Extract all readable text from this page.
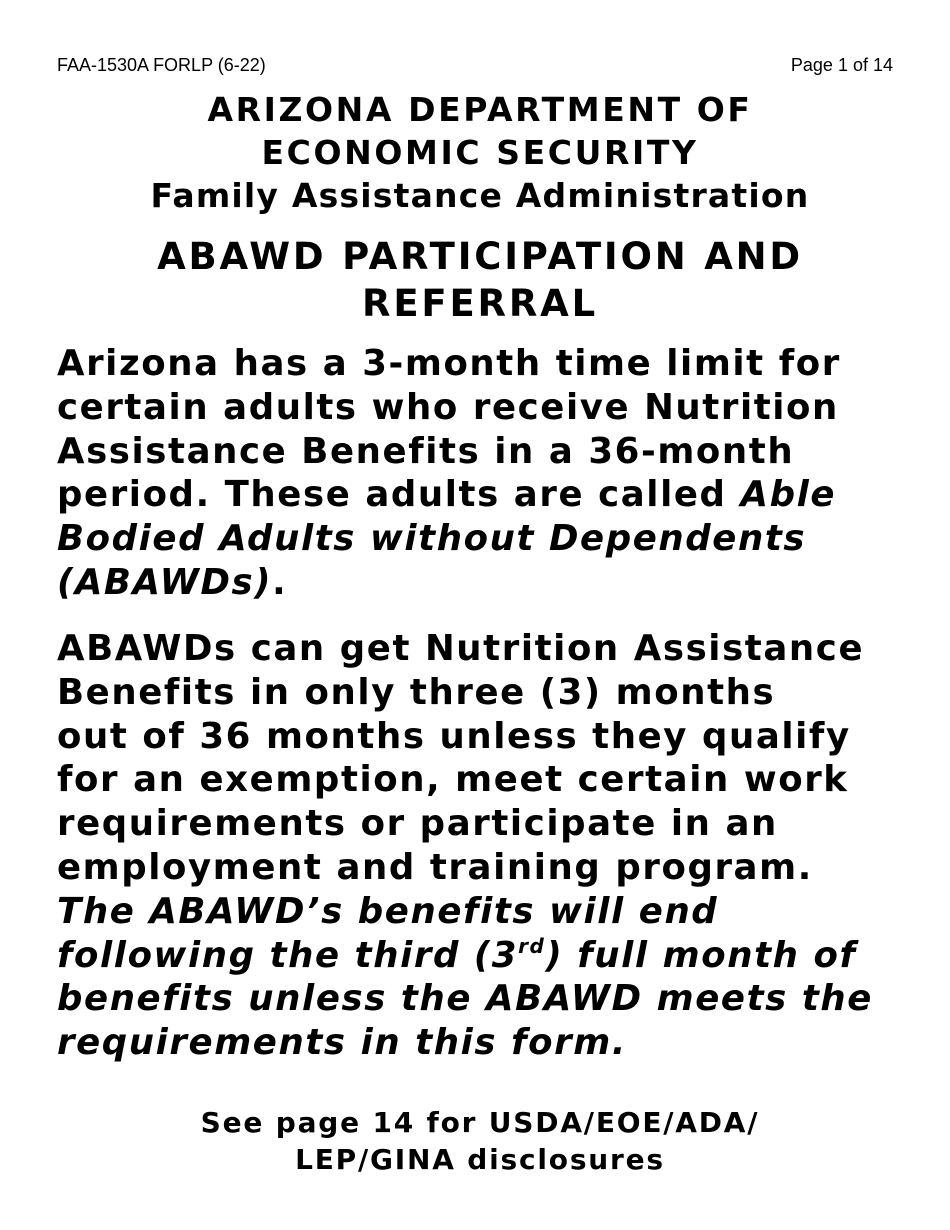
FAA-1530A FORLP (6-22)	Page 1 of 14
ARIZONA DEPARTMENT OF
ECONOMIC SECURITY
Family Assistance Administration
ABAWD PARTICIPATION AND
REFERRAL

Arizona has a 3-month time limit for
certain adults who receive Nutrition
Assistance Benefits in a 36-month
period. These adults are called Able
Bodied Adults without Dependents
(ABAWDs).

ABAWDs can get Nutrition Assistance
Benefits in only three (3) months
out of 36 months unless they qualify
for an exemption, meet certain work
requirements or participate in an
employment and training program.
The ABAWD’s benefits will end
following the third (3rd) full month of
benefits unless the ABAWD meets the
requirements in this form.

See page 14 for USDA/EOE/ADA/
LEP/GINA disclosures
